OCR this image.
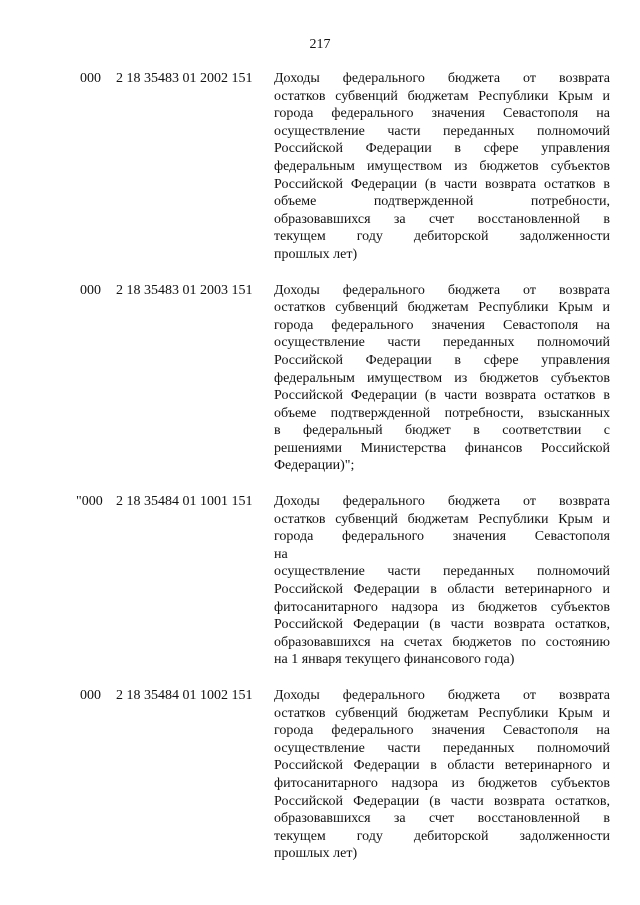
217
000 2 18 35483 01 2002 151 Доходы федерального бюджета от возврата
остатков субвенций бюджетам Республики Крым и
города федерального значения Севастополя на
осуществление части переданных полномочий
Российской Федерации в сфере управления
федеральным имуществом из бюджетов субъектов
Российской Федерации (в части возврата остатков в
объеме подтвержденной потребности,
образовавшихся за счет восстановленной в
текущем году дебиторской задолженности
прошлых лет)
000 2 18 35483 01 2003 151 Доходы федерального бюджета от возврата
остатков субвенций бюджетам Республики Крым и
города федерального значения Севастополя на
осуществление части переданных полномочий
Российской Федерации в сфере управления
федеральным имуществом из бюджетов субъектов
Российской Федерации (в части возврата остатков в
объеме подтвержденной потребности, взысканных
в федеральный бюджет в соответствии с
решениями Министерства финансов Российской
Федерации)";
"000 2 18 35484 01 1001 151 Доходы федерального бюджета от возврата
остатков субвенций бюджетам Республики Крым и
города федерального значения Севастополя
на
осуществление части переданных полномочий
Российской Федерации в области ветеринарного и
фитосанитарного надзора из бюджетов субъектов
Российской Федерации (в части возврата остатков,
образовавшихся на счетах бюджетов по состоянию
на 1 января текущего финансового года)
000 2 18 35484 01 1002 151 Доходы федерального бюджета от возврата
остатков субвенций бюджетам Республики Крым и
города федерального значения Севастополя на
осуществление части переданных полномочий
Российской Федерации в области ветеринарного и
фитосанитарного надзора из бюджетов субъектов
Российской Федерации (в части возврата остатков,
образовавшихся за счет восстановленной в
текущем году дебиторской задолженности
прошлых лет)
